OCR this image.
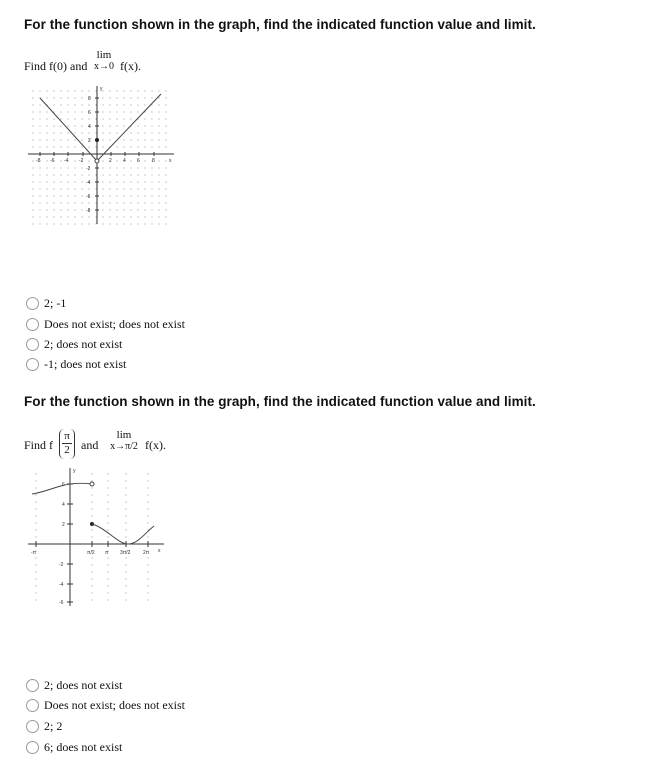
For the function shown in the graph, find the indicated function value and limit.
Find f(0) and
lim
x→0 f(x).
-8 -6 -4 -2	2 4 6 8	x
8
6
4
2
-2
-4
-6
-8
y
2; -1
Does not exist; does not exist
2; does not exist
-1; does not exist
For the function shown in the graph, find the indicated function value and limit.
Find f $\frac{\pi}{2}$ and
lim
x→π/2 f(x).
-π	π/2 π 3π/2	2π x
6
4
2
-2
-4
-6
y
2; does not exist
Does not exist; does not exist
2; 2
6; does not exist
